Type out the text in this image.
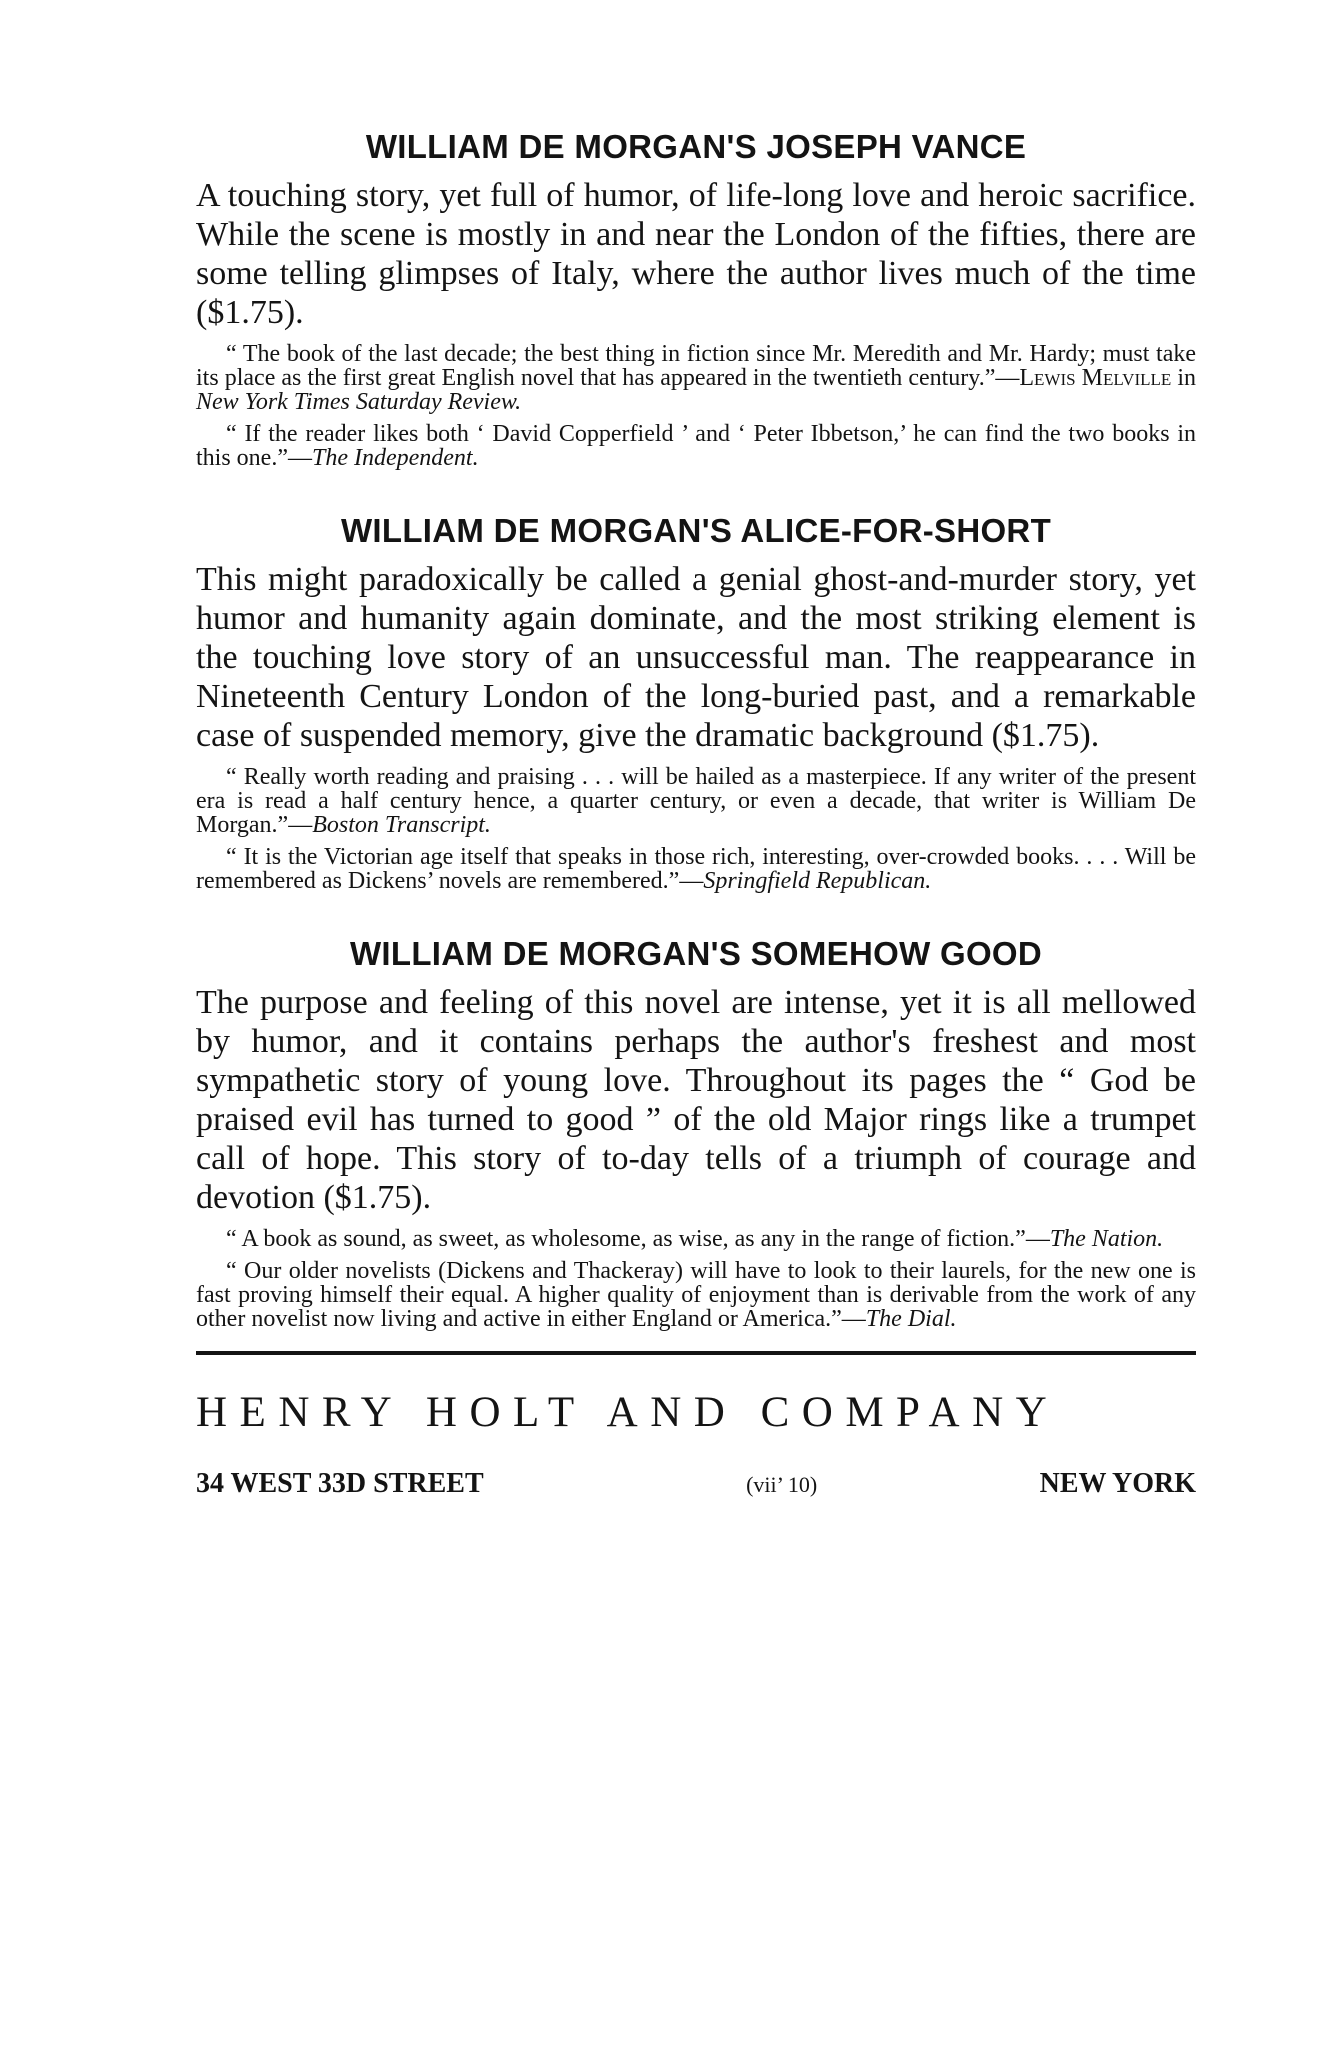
WILLIAM DE MORGAN'S JOSEPH VANCE

A touching story, yet full of humor, of life-long love and heroic sacrifice. While the scene is mostly in and near the London of the fifties, there are some telling glimpses of Italy, where the author lives much of the time ($1.75).

“ The book of the last decade; the best thing in fiction since Mr. Meredith and Mr. Hardy; must take its place as the first great English novel that has appeared in the twentieth century.”—Lewis Melville in New York Times Saturday Review.

“ If the reader likes both ‘ David Copperfield ’ and ‘ Peter Ibbetson,’ he can find the two books in this one.”—The Independent.

WILLIAM DE MORGAN'S ALICE-FOR-SHORT

This might paradoxically be called a genial ghost-and-murder story, yet humor and humanity again dominate, and the most striking element is the touching love story of an unsuccessful man. The reappearance in Nineteenth Century London of the long-buried past, and a remarkable case of suspended memory, give the dramatic background ($1.75).

“ Really worth reading and praising . . . will be hailed as a masterpiece. If any writer of the present era is read a half century hence, a quarter century, or even a decade, that writer is William De Morgan.”—Boston Transcript.

“ It is the Victorian age itself that speaks in those rich, interesting, over-crowded books. . . . Will be remembered as Dickens’ novels are remembered.”—Springfield Republican.

WILLIAM DE MORGAN'S SOMEHOW GOOD

The purpose and feeling of this novel are intense, yet it is all mellowed by humor, and it contains perhaps the author's freshest and most sympathetic story of young love. Throughout its pages the “ God be praised evil has turned to good ” of the old Major rings like a trumpet call of hope. This story of to-day tells of a triumph of courage and devotion ($1.75).

“ A book as sound, as sweet, as wholesome, as wise, as any in the range of fiction.”—The Nation.

“ Our older novelists (Dickens and Thackeray) will have to look to their laurels, for the new one is fast proving himself their equal. A higher quality of enjoyment than is derivable from the work of any other novelist now living and active in either England or America.”—The Dial.

HENRY HOLT AND COMPANY
34 WEST 33D STREET	(vii’ 10)	NEW YORK
